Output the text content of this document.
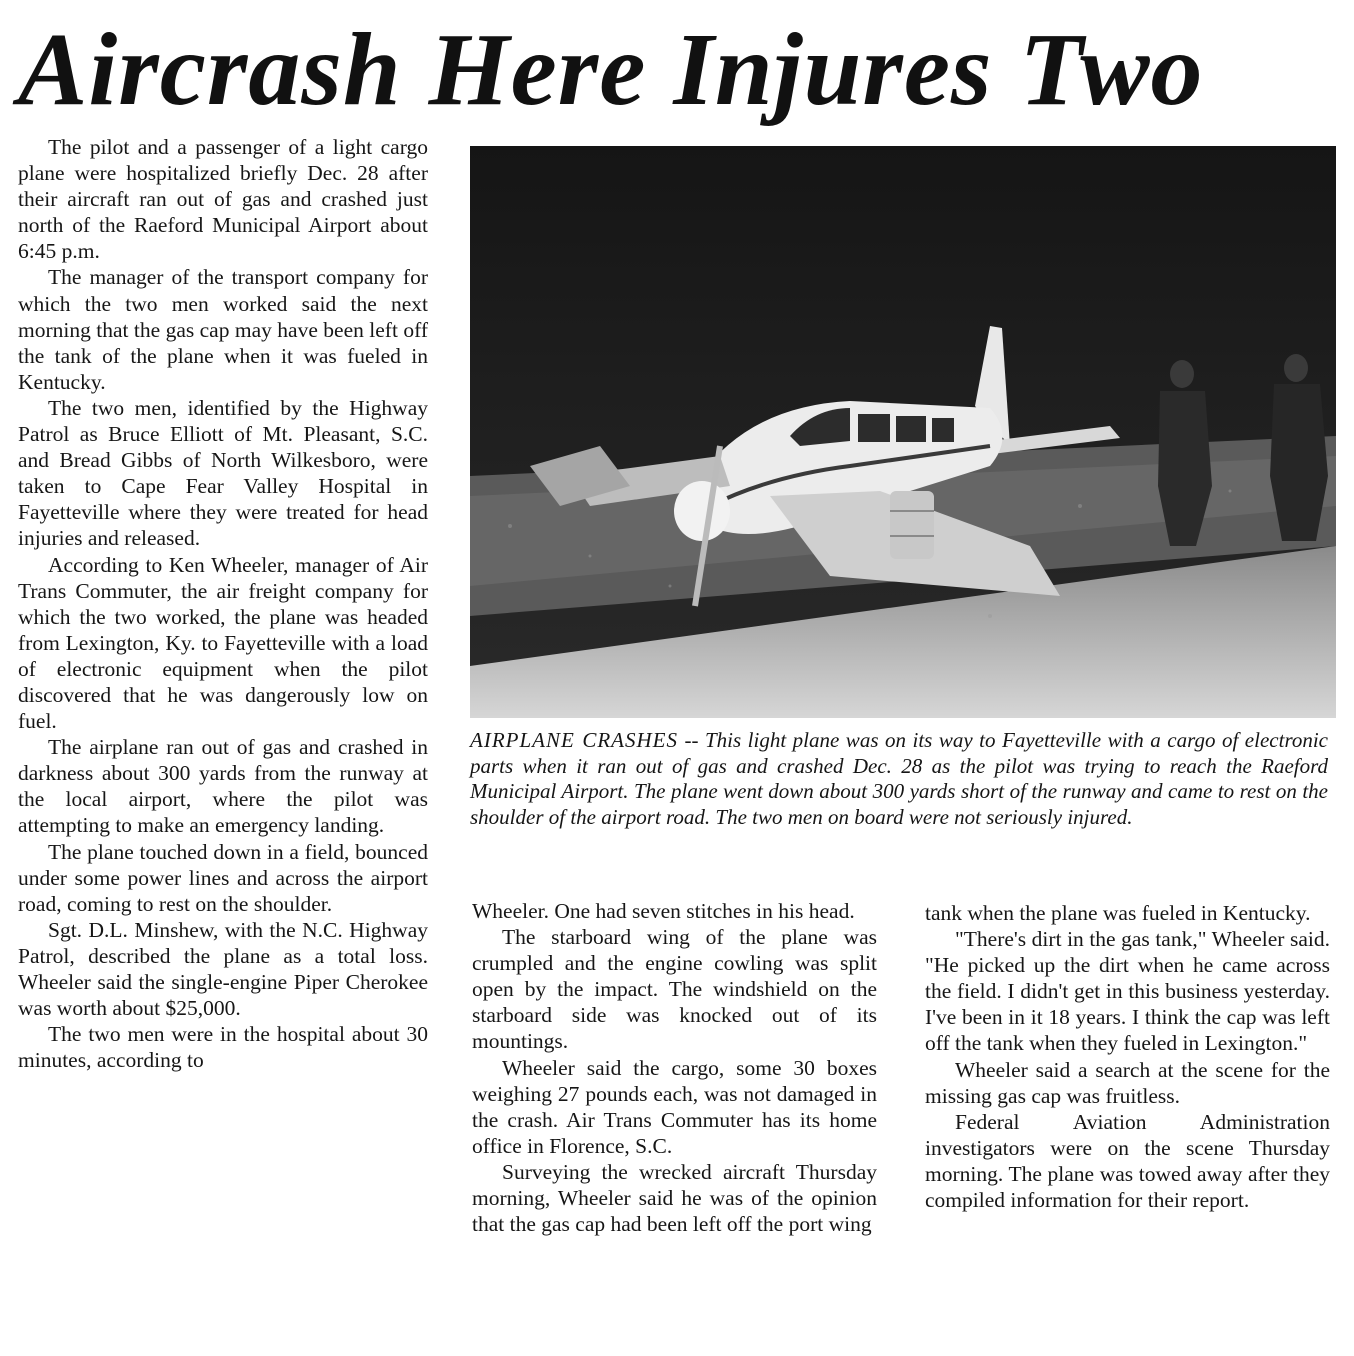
Aircrash Here Injures Two

The pilot and a passenger of a light cargo plane were hospitalized briefly Dec. 28 after their aircraft ran out of gas and crashed just north of the Raeford Municipal Airport about 6:45 p.m.

The manager of the transport company for which the two men worked said the next morning that the gas cap may have been left off the tank of the plane when it was fueled in Kentucky.

The two men, identified by the Highway Patrol as Bruce Elliott of Mt. Pleasant, S.C. and Bread Gibbs of North Wilkesboro, were taken to Cape Fear Valley Hospital in Fayetteville where they were treated for head injuries and released.

According to Ken Wheeler, manager of Air Trans Commuter, the air freight company for which the two worked, the plane was headed from Lexington, Ky. to Fayetteville with a load of electronic equipment when the pilot discovered that he was dangerously low on fuel.

The airplane ran out of gas and crashed in darkness about 300 yards from the runway at the local airport, where the pilot was attempting to make an emergency landing.

The plane touched down in a field, bounced under some power lines and across the airport road, coming to rest on the shoulder.

Sgt. D.L. Minshew, with the N.C. Highway Patrol, described the plane as a total loss. Wheeler said the single-engine Piper Cherokee was worth about $25,000.

The two men were in the hospital about 30 minutes, according to

AIRPLANE CRASHES -- This light plane was on its way to Fayetteville with a cargo of electronic parts when it ran out of gas and crashed Dec. 28 as the pilot was trying to reach the Raeford Municipal Airport. The plane went down about 300 yards short of the runway and came to rest on the shoulder of the airport road. The two men on board were not seriously injured.

Wheeler. One had seven stitches in his head.

The starboard wing of the plane was crumpled and the engine cowling was split open by the impact. The windshield on the starboard side was knocked out of its mountings.

Wheeler said the cargo, some 30 boxes weighing 27 pounds each, was not damaged in the crash. Air Trans Commuter has its home office in Florence, S.C.

Surveying the wrecked aircraft Thursday morning, Wheeler said he was of the opinion that the gas cap had been left off the port wing

tank when the plane was fueled in Kentucky.

"There's dirt in the gas tank," Wheeler said. "He picked up the dirt when he came across the field. I didn't get in this business yesterday. I've been in it 18 years. I think the cap was left off the tank when they fueled in Lexington."

Wheeler said a search at the scene for the missing gas cap was fruitless.

Federal Aviation Administration investigators were on the scene Thursday morning. The plane was towed away after they compiled information for their report.
